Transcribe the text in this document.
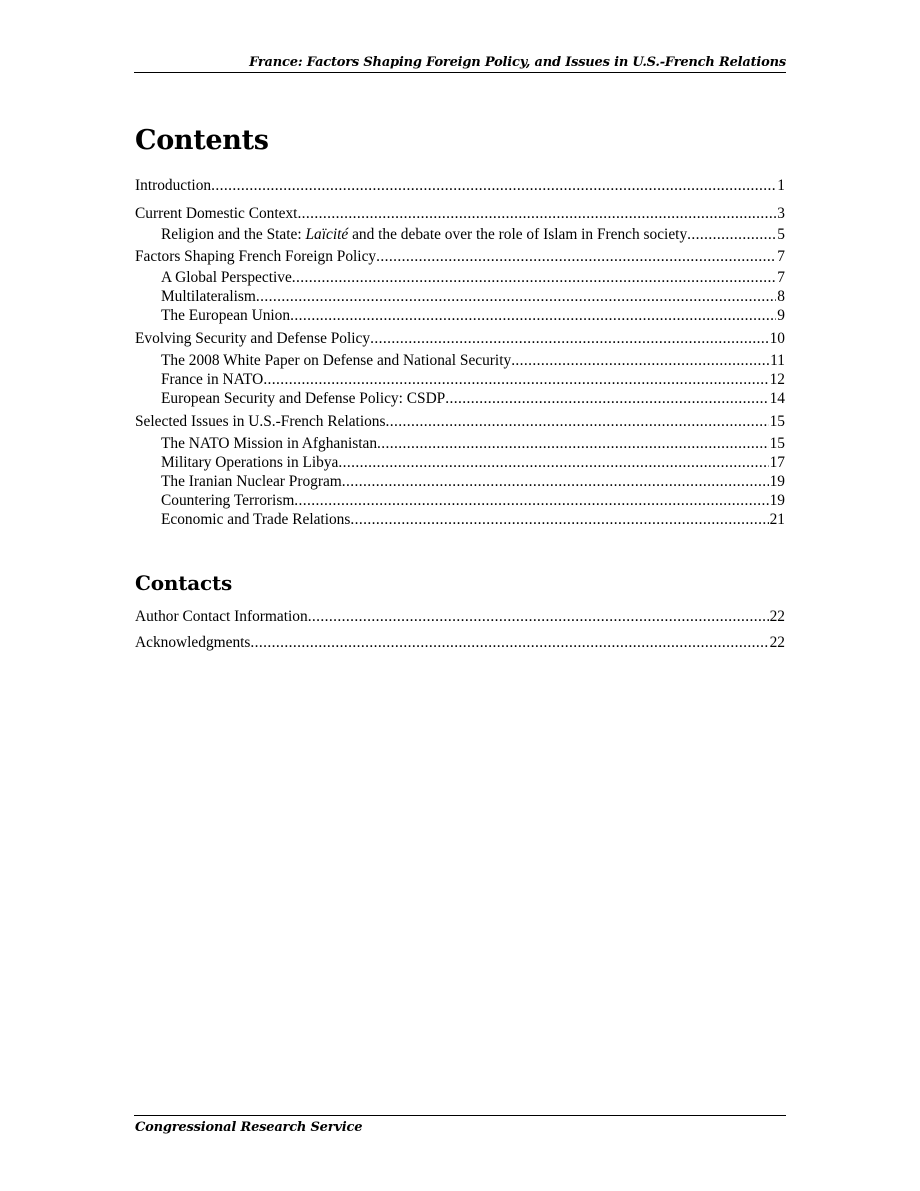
France: Factors Shaping Foreign Policy, and Issues in U.S.-French Relations
Contents
Introduction .....	1
Current Domestic Context .....	3
Religion and the State: Laïcité and the debate over the role of Islam in French society .....	5
Factors Shaping French Foreign Policy .....	7
A Global Perspective .....	7
Multilateralism .....	8
The European Union .....	9
Evolving Security and Defense Policy .....	10
The 2008 White Paper on Defense and National Security .....	11
France in NATO .....	12
European Security and Defense Policy: CSDP .....	14
Selected Issues in U.S.-French Relations .....	15
The NATO Mission in Afghanistan .....	15
Military Operations in Libya .....	17
The Iranian Nuclear Program .....	19
Countering Terrorism .....	19
Economic and Trade Relations .....	21
Contacts
Author Contact Information .....	22
Acknowledgments .....	22
Congressional Research Service
